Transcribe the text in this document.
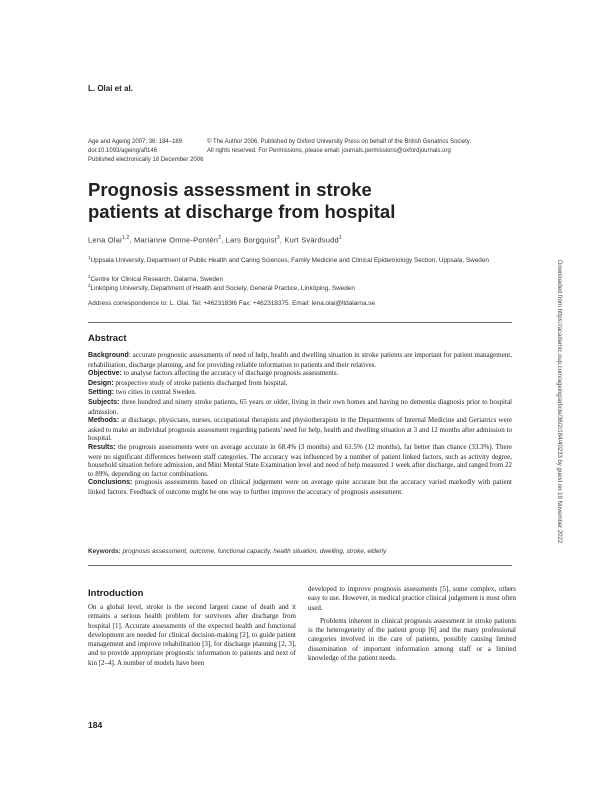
L. Olai et al.
Age and Ageing 2007; 36: 184–189
doi:10.1093/ageing/afl146
Published electronically 18 December 2006
© The Author 2006. Published by Oxford University Press on behalf of the British Geriatrics Society.
All rights reserved. For Permissions, please email: journals.permissions@oxfordjournals.org
Prognosis assessment in stroke patients at discharge from hospital
Lena Olai$^{1,2}$, Marianne Omne-Pontén$^2$, Lars Borgquist$^3$, Kurt Svärdsudd$^1$
$^1$Uppsala University, Department of Public Health and Caring Sciences, Family Medicine and Clinical Epidemiology Section, Uppsala, Sweden
$^2$Centre for Clinical Research, Dalarna, Sweden
$^3$Linköping University, Department of Health and Society, General Practice, Linköping, Sweden
Address correspondence to: L. Olai. Tel: +4623183l6 Fax: +462318375. Email: lena.olai@ltdalarna.se
Abstract

Background: accurate prognostic assessments of need of help, health and dwelling situation in stroke patients are important for patient management, rehabilitation, discharge planning, and for providing reliable information to patients and their relatives.

Objective: to analyse factors affecting the accuracy of discharge prognosis assessments.

Design: prospective study of stroke patients discharged from hospital.

Setting: two cities in central Sweden.

Subjects: three hundred and ninety stroke patients, 65 years or older, living in their own homes and having no dementia diagnosis prior to hospital admission.

Methods: at discharge, physicians, nurses, occupational therapists and physiotherapists in the Departments of Internal Medicine and Geriatrics were asked to make an individual prognosis assessment regarding patients' need for help, health and dwelling situation at 3 and 12 months after admission to hospital.

Results: the prognosis assessments were on average accurate in 68.4% (3 months) and 61.5% (12 months), far better than chance (33.3%). There were no significant differences between staff categories. The accuracy was influenced by a number of patient linked factors, such as activity degree, household situation before admission, and Mini Mental State Examination level and need of help measured 1 week after discharge, and ranged from 22 to 89%, depending on factor combinations.

Conclusions: prognosis assessments based on clinical judgement were on average quite accurate but the accuracy varied markedly with patient linked factors. Feedback of outcome might be one way to further improve the accuracy of prognosis assessment.

Keywords: prognosis assessment, outcome, functional capacity, health situation, dwelling, stroke, elderly
Introduction

On a global level, stroke is the second largest cause of death and it remains a serious health problem for survivors after discharge from hospital [1]. Accurate assessments of the expected health and functional development are needed for clinical decision-making [2], to guide patient management and improve rehabilitation [3], for discharge planning [2, 3], and to provide appropriate prognostic information to patients and next of kin [2–4]. A number of models have been

developed to improve prognosis assessments [5], some complex, others easy to use. However, in medical practice clinical judgement is most often used.

Problems inherent in clinical prognosis assessment in stroke patients is the heterogeneity of the patient group [6] and the many professional categories involved in the care of patients, possibly causing limited dissemination of important information among staff or a limited knowledge of the patient needs.

184
Downloaded from https://academic.oup.com/ageing/article/36/2/184/40233 by guest on 19 November 2022
